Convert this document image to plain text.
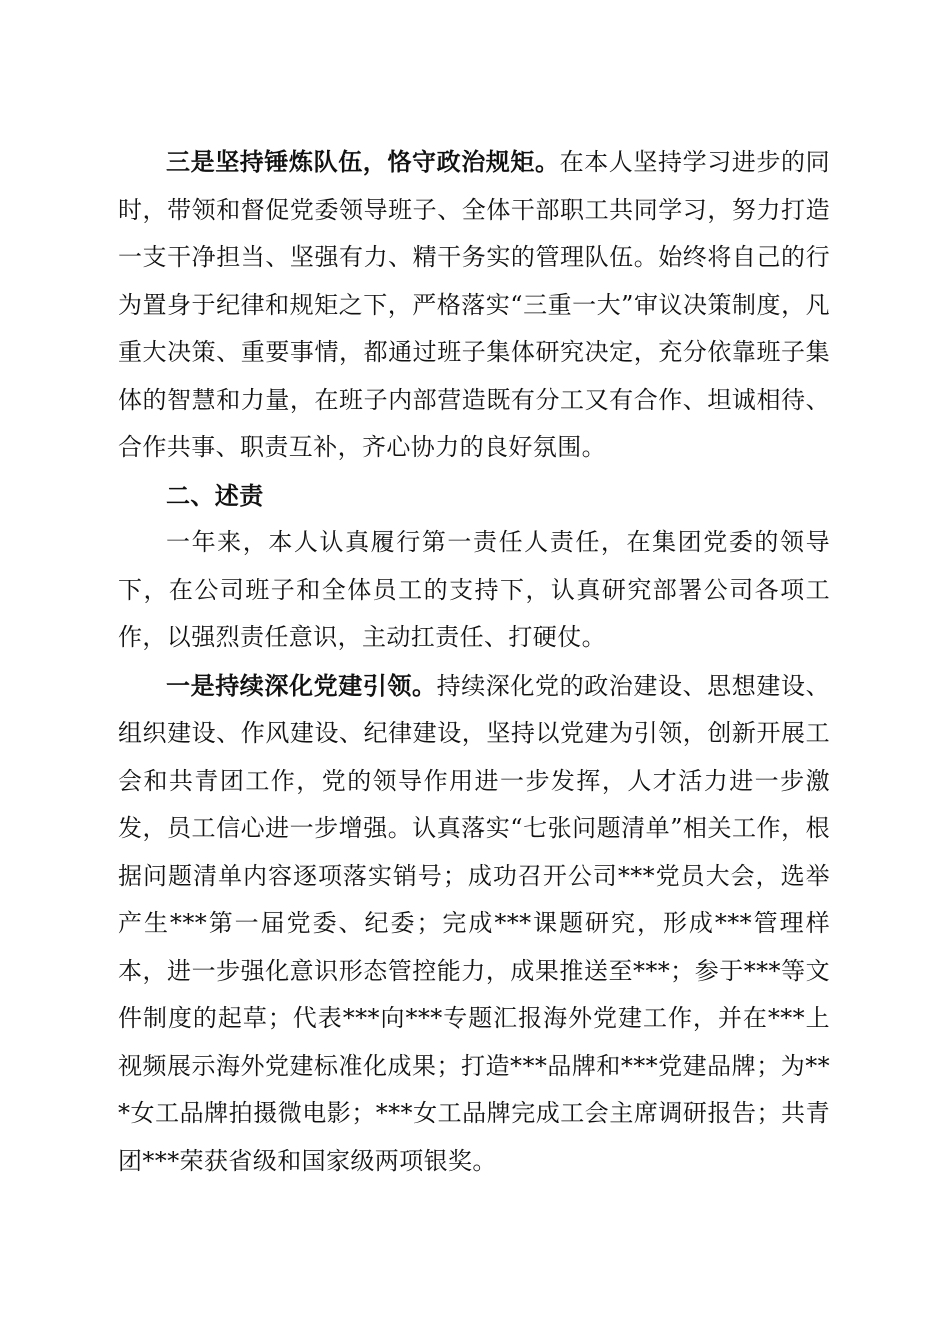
三是坚持锤炼队伍，恪守政治规矩。在本人坚持学习进步的同时，带领和督促党委领导班子、全体干部职工共同学习，努力打造一支干净担当、坚强有力、精干务实的管理队伍。始终将自己的行为置身于纪律和规矩之下，严格落实“三重一大”审议决策制度，凡重大决策、重要事情，都通过班子集体研究决定，充分依靠班子集体的智慧和力量，在班子内部营造既有分工又有合作、坦诚相待、合作共事、职责互补，齐心协力的良好氛围。

二、述责

一年来，本人认真履行第一责任人责任，在集团党委的领导下，在公司班子和全体员工的支持下，认真研究部署公司各项工作，以强烈责任意识，主动扛责任、打硬仗。

一是持续深化党建引领。持续深化党的政治建设、思想建设、组织建设、作风建设、纪律建设，坚持以党建为引领，创新开展工会和共青团工作，党的领导作用进一步发挥，人才活力进一步激发，员工信心进一步增强。认真落实“七张问题清单”相关工作，根据问题清单内容逐项落实销号；成功召开公司***党员大会，选举产生***第一届党委、纪委；完成***课题研究，形成***管理样本，进一步强化意识形态管控能力，成果推送至***；参于***等文件制度的起草；代表***向***专题汇报海外党建工作，并在***上视频展示海外党建标准化成果；打造***品牌和***党建品牌；为***女工品牌拍摄微电影；***女工品牌完成工会主席调研报告；共青团***荣获省级和国家级两项银奖。
